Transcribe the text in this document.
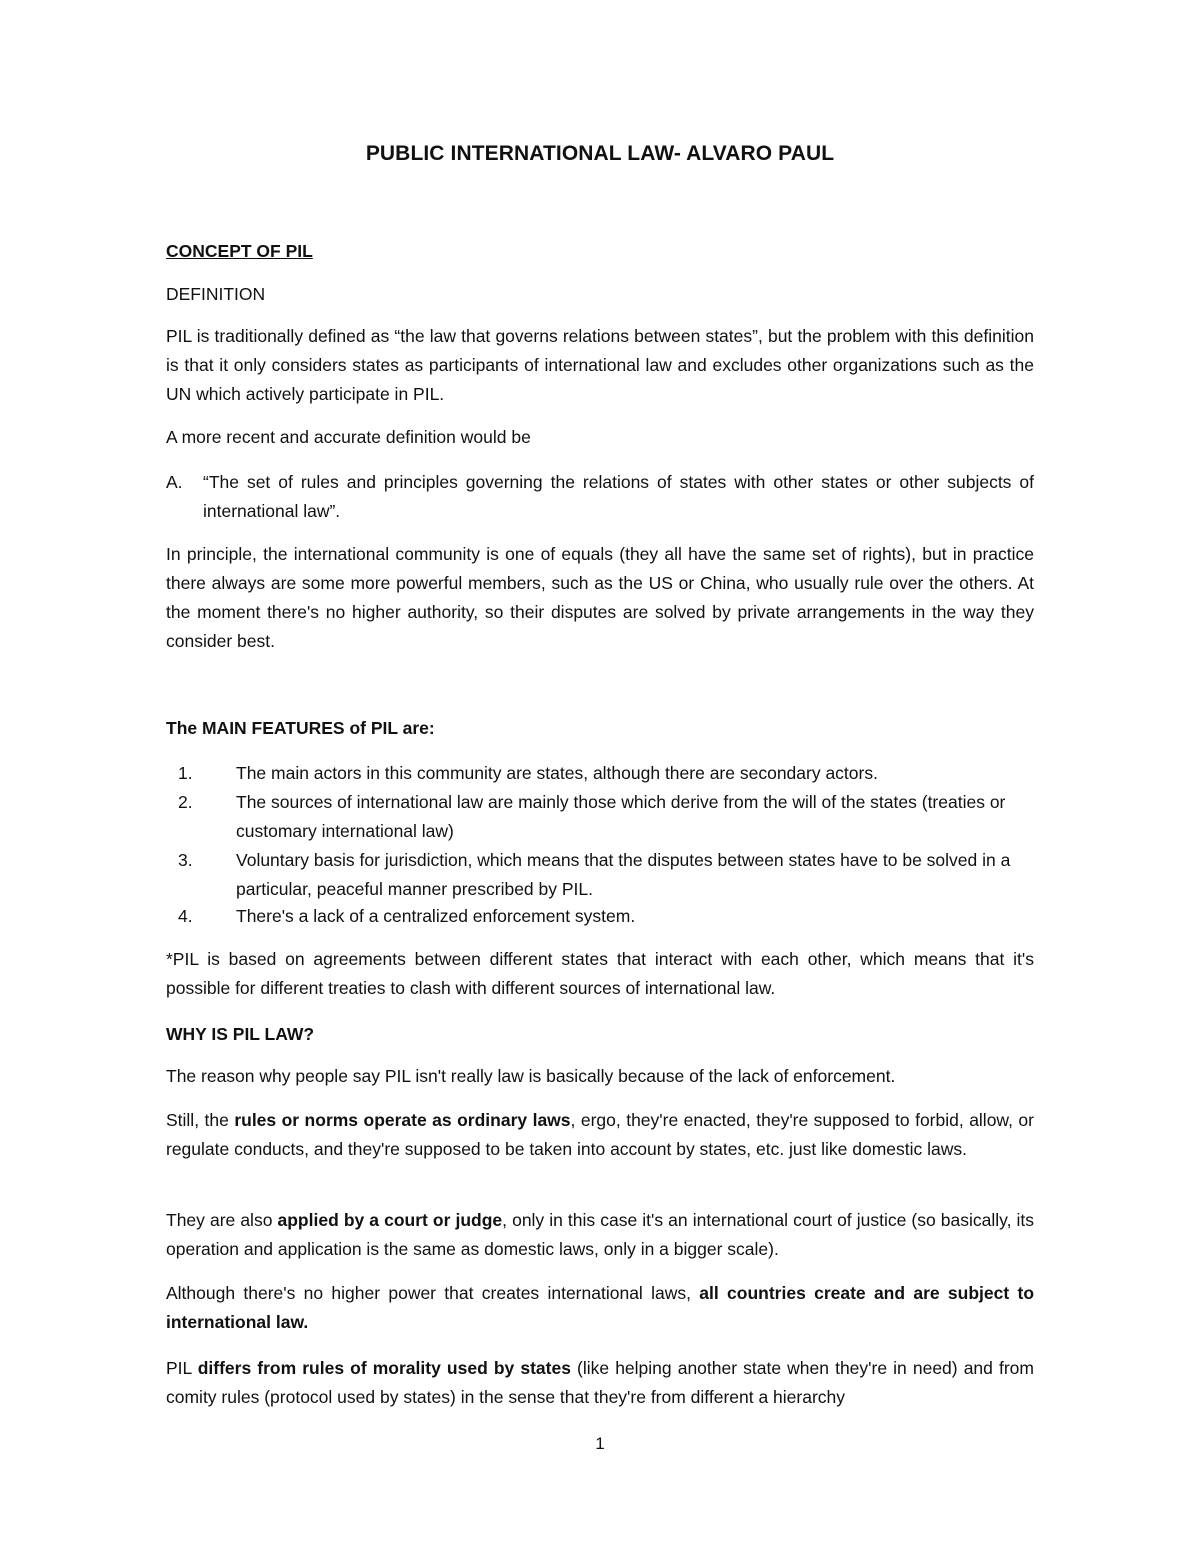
PUBLIC INTERNATIONAL LAW- ALVARO PAUL
CONCEPT OF PIL
DEFINITION
PIL is traditionally defined as “the law that governs relations between states”, but the problem with this definition is that it only considers states as participants of international law and excludes other organizations such as the UN which actively participate in PIL.
A more recent and accurate definition would be
A. “The set of rules and principles governing the relations of states with other states or other subjects of international law”.
In principle, the international community is one of equals (they all have the same set of rights), but in practice there always are some more powerful members, such as the US or China, who usually rule over the others. At the moment there's no higher authority, so their disputes are solved by private arrangements in the way they consider best.
The MAIN FEATURES of PIL are:
1. The main actors in this community are states, although there are secondary actors.
2. The sources of international law are mainly those which derive from the will of the states (treaties or customary international law)
3. Voluntary basis for jurisdiction, which means that the disputes between states have to be solved in a particular, peaceful manner prescribed by PIL.
4. There's a lack of a centralized enforcement system.
*PIL is based on agreements between different states that interact with each other, which means that it's possible for different treaties to clash with different sources of international law.
WHY IS PIL LAW?
The reason why people say PIL isn't really law is basically because of the lack of enforcement.
Still, the rules or norms operate as ordinary laws, ergo, they're enacted, they're supposed to forbid, allow, or regulate conducts, and they're supposed to be taken into account by states, etc. just like domestic laws.
They are also applied by a court or judge, only in this case it's an international court of justice (so basically, its operation and application is the same as domestic laws, only in a bigger scale).
Although there's no higher power that creates international laws, all countries create and are subject to international law.
PIL differs from rules of morality used by states (like helping another state when they're in need) and from comity rules (protocol used by states) in the sense that they're from different a hierarchy
1
